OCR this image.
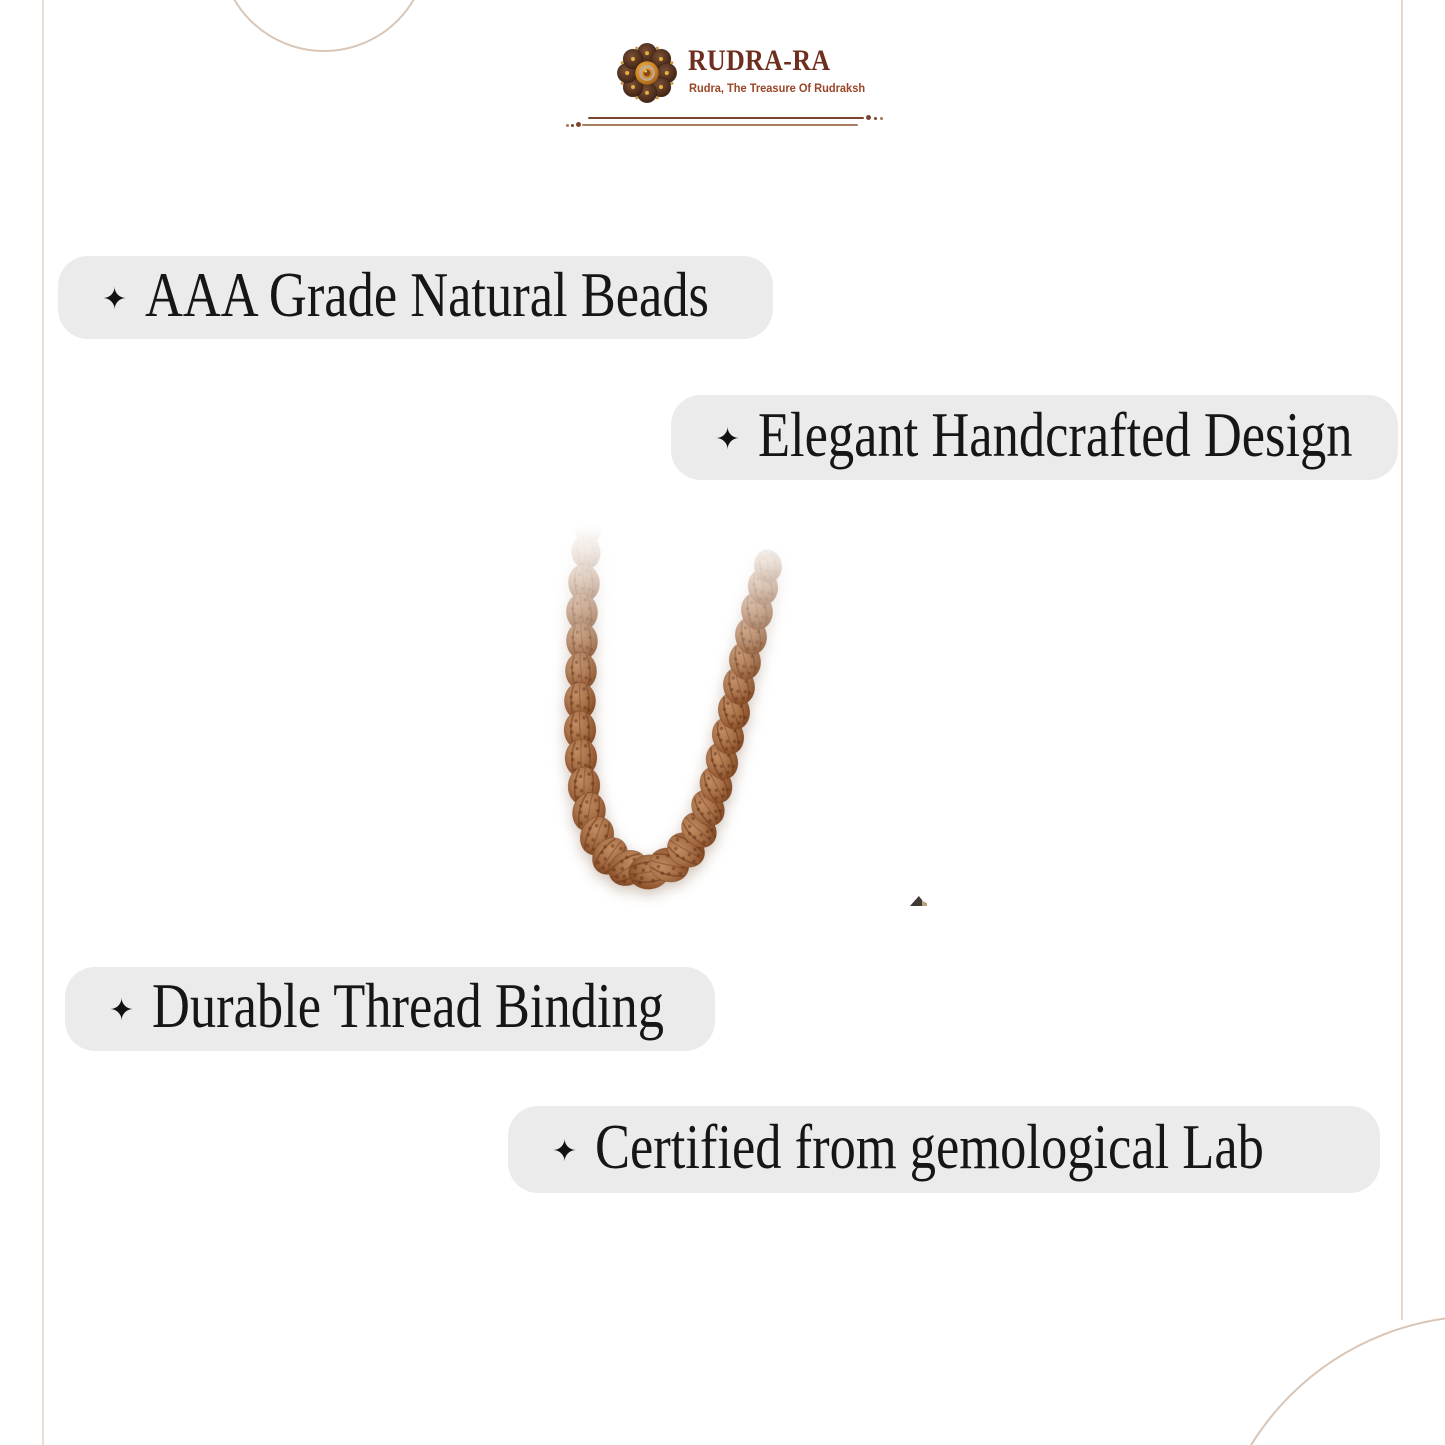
RUDRA-RA
Rudra, The Treasure Of Rudraksh
✦ AAA Grade Natural Beads
✦ Elegant Handcrafted Design
✦ Durable Thread Binding
✦ Certified from gemological Lab
